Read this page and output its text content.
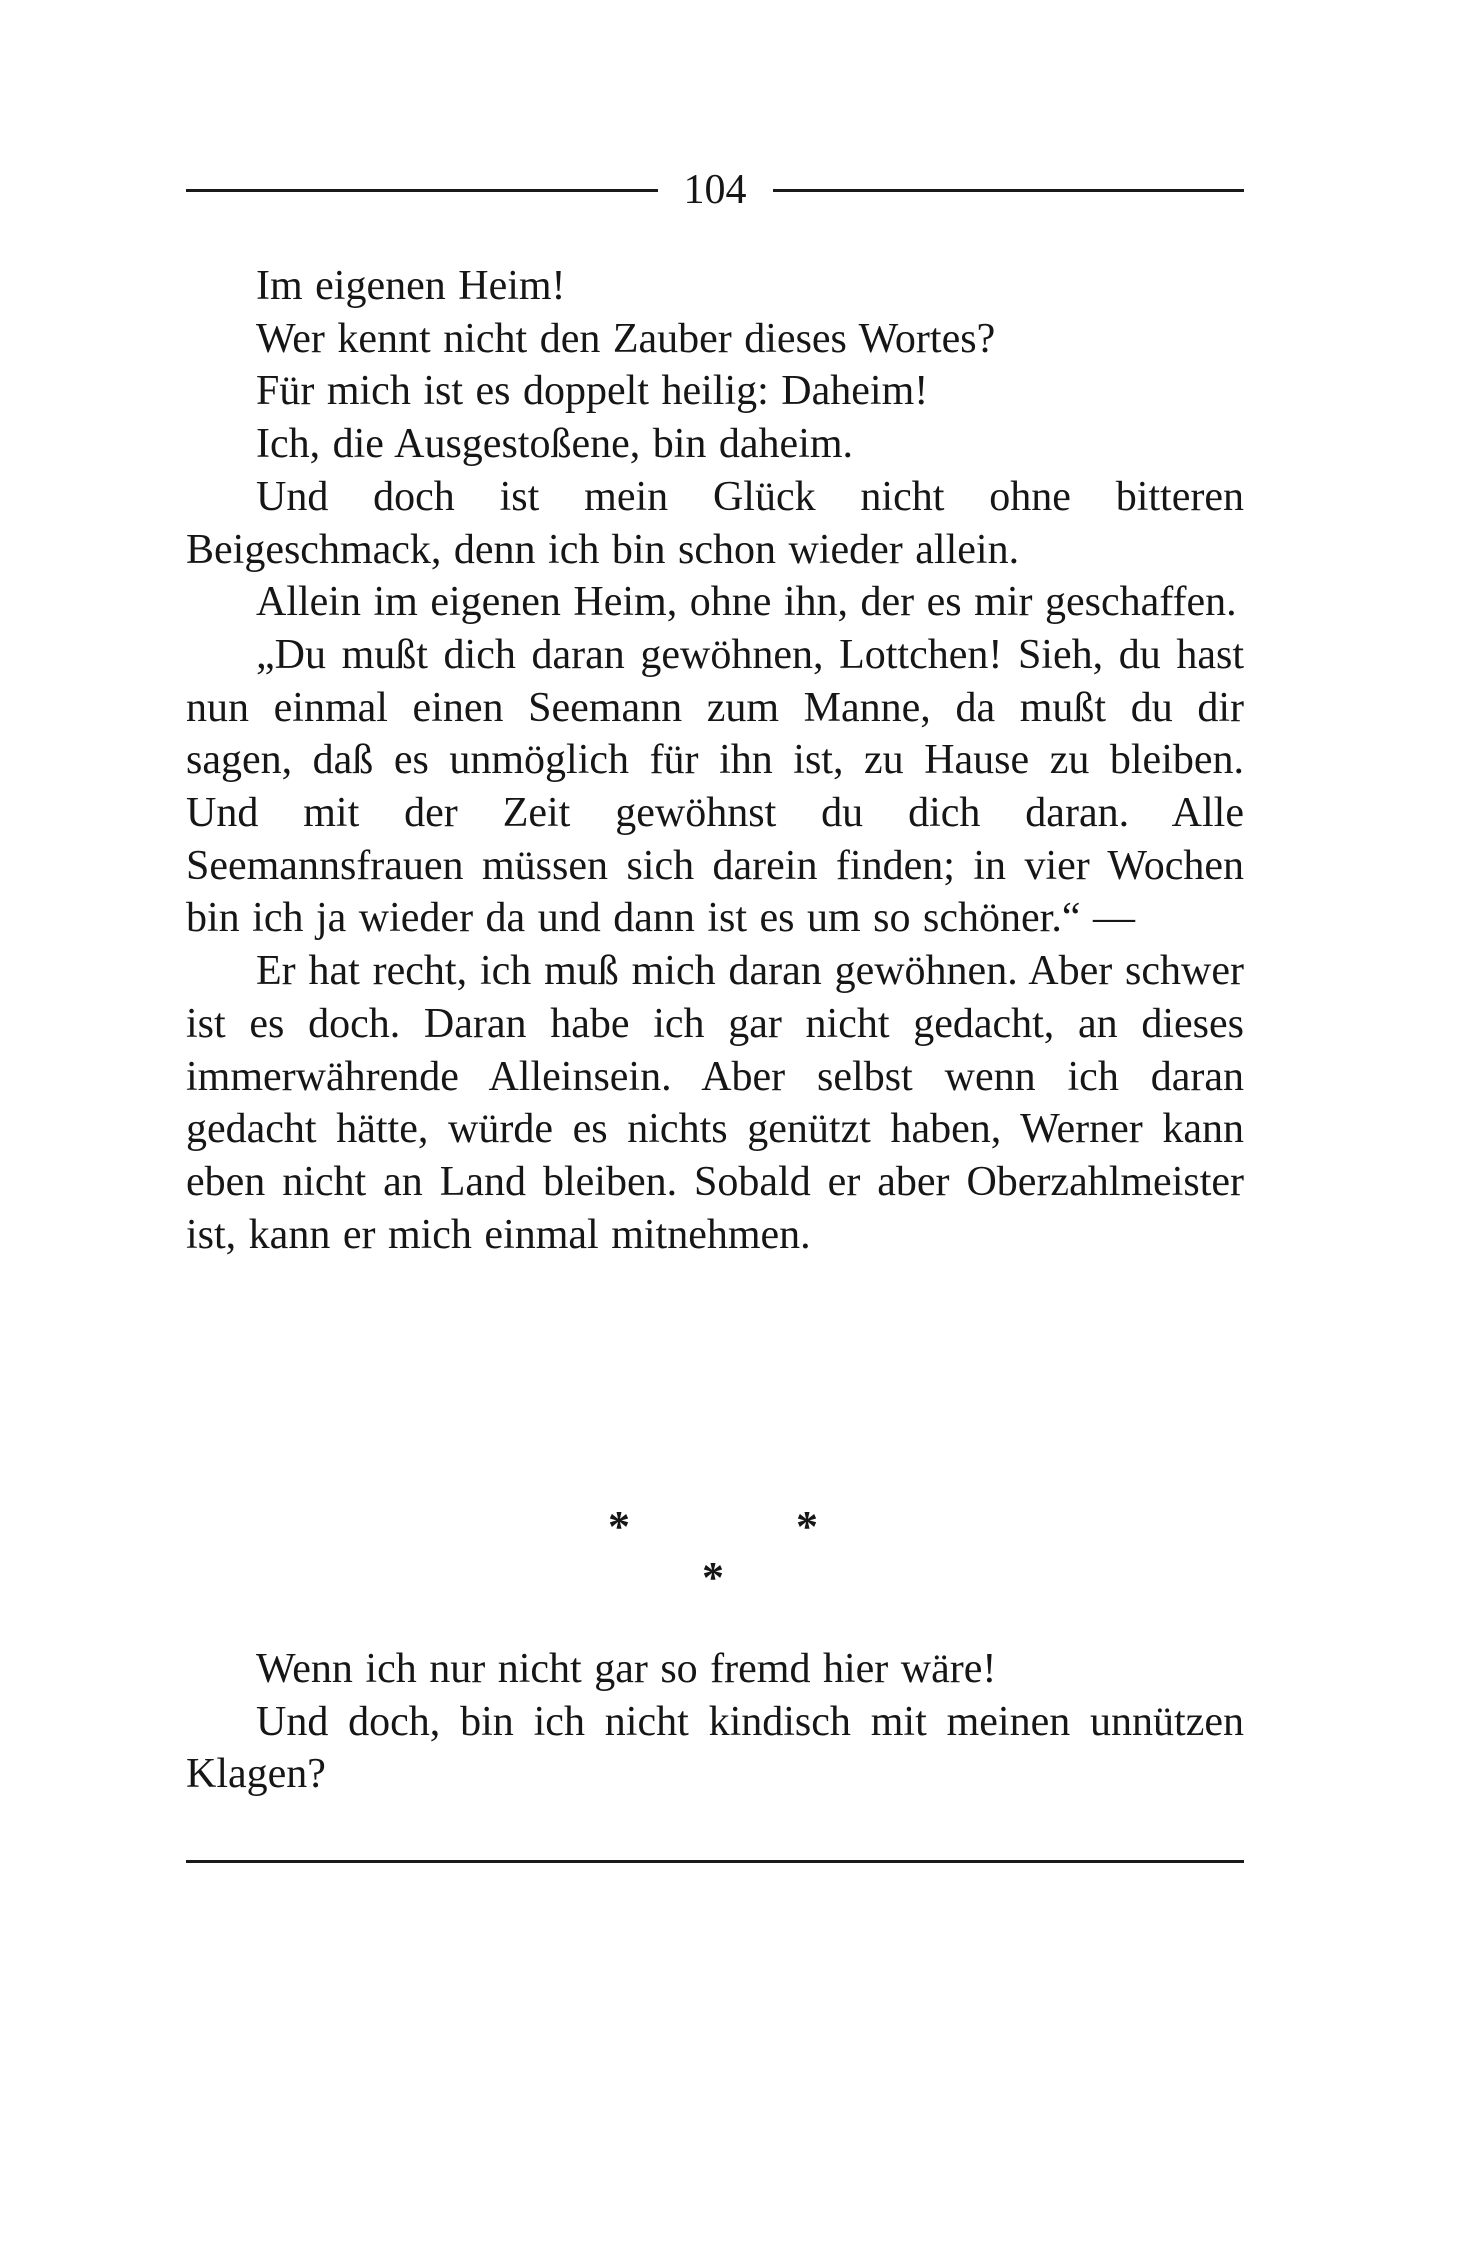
104

Im eigenen Heim!

Wer kennt nicht den Zauber dieses Wortes?

Für mich ist es doppelt heilig: Daheim!

Ich, die Ausgestoßene, bin daheim.

Und doch ist mein Glück nicht ohne bitteren Beigeschmack, denn ich bin schon wieder allein.

Allein im eigenen Heim, ohne ihn, der es mir geschaffen.

„Du mußt dich daran gewöhnen, Lottchen! Sieh, du hast nun einmal einen Seemann zum Manne, da mußt du dir sagen, daß es unmöglich für ihn ist, zu Hause zu bleiben. Und mit der Zeit gewöhnst du dich daran. Alle Seemannsfrauen müssen sich darein finden; in vier Wochen bin ich ja wieder da und dann ist es um so schöner.“ —

Er hat recht, ich muß mich daran gewöhnen. Aber schwer ist es doch. Daran habe ich gar nicht gedacht, an dieses immerwährende Alleinsein. Aber selbst wenn ich daran gedacht hätte, würde es nichts genützt haben, Werner kann eben nicht an Land bleiben. Sobald er aber Oberzahlmeister ist, kann er mich einmal mitnehmen.

*	*
*

Wenn ich nur nicht gar so fremd hier wäre!

Und doch, bin ich nicht kindisch mit meinen unnützen Klagen?
